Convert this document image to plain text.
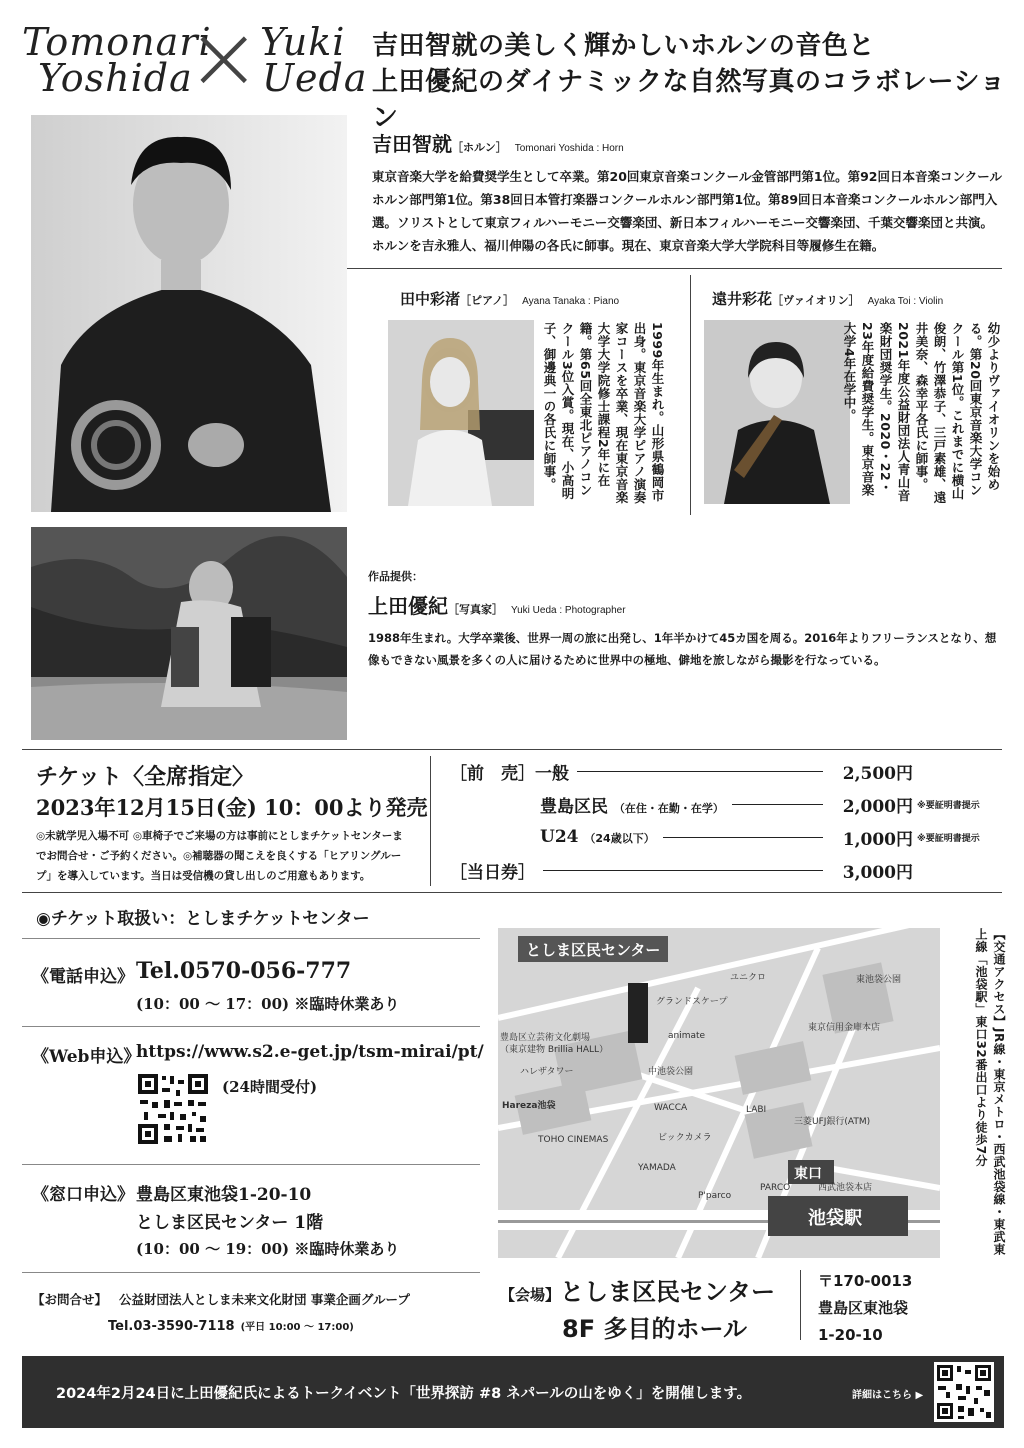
Tomonari
Yoshida
×
Yuki
Ueda
吉田智就の美しく輝かしいホルンの音色と
上田優紀のダイナミックな自然写真のコラボレーション
吉田智就 ［ホルン］ Tomonari Yoshida : Horn
東京音楽大学を給費奨学生として卒業。第20回東京音楽コンクール金管部門第1位。第92回日本音楽コンクールホルン部門第1位。第38回日本管打楽器コンクールホルン部門第1位。第89回日本音楽コンクールホルン部門入選。ソリストとして東京フィルハーモニー交響楽団、新日本フィルハーモニー交響楽団、千葉交響楽団と共演。ホルンを吉永雅人、福川伸陽の各氏に師事。現在、東京音楽大学大学院科目等履修生在籍。
田中彩渚 ［ピアノ］ Ayana Tanaka : Piano
1999年生まれ。山形県鶴岡市出身。東京音楽大学ピアノ演奏家コースを卒業、現在東京音楽大学大学院修士課程2年に在籍。第65回全東北ピアノコンクール3位入賞。現在、小高明子、御邊典一の各氏に師事。
遠井彩花 ［ヴァイオリン］ Ayaka Toi : Violin
幼少よりヴァイオリンを始める。第20回東京音楽大学コンクール第1位。これまでに横山俊朗、竹澤恭子、三戸素雄、遠井美奈、森幸平各氏に師事。2021年度公益財団法人青山音楽財団奨学生。2020・22・23年度給費奨学生。東京音楽大学4年在学中。
作品提供：
上田優紀 ［写真家］ Yuki Ueda : Photographer
1988年生まれ。大学卒業後、世界一周の旅に出発し、1年半かけて45カ国を周る。2016年よりフリーランスとなり、想像もできない風景を多くの人に届けるために世界中の極地、僻地を旅しながら撮影を行なっている。
チケット〈全席指定〉
2023年12月15日(金) 10：00より発売
◎未就学児入場不可 ◎車椅子でご来場の方は事前にとしまチケットセンターまでお問合せ・ご予約ください。◎補聴器の聞こえを良くする「ヒアリングループ」を導入しています。当日は受信機の貸し出しのご用意もあります。
［前　売］一般	2,500円
豊島区民 （在住・在勤・在学）	2,000円 ※要証明書提示
U24 （24歳以下）	1,000円 ※要証明書提示
［当日券］	3,000円
◉チケット取扱い：としまチケットセンター
《電話申込》 Tel.0570-056-777
(10：00 ～ 17：00) ※臨時休業あり
《Web申込》
https://www.s2.e-get.jp/tsm-mirai/pt/
(24時間受付)
《窓口申込》 豊島区東池袋1-20-10
としま区民センター 1階
(10：00 ～ 19：00) ※臨時休業あり
としま区民センター
池袋駅
東口
グランドスケープ
豊島区立芸術文化劇場
（東京建物 Brillia HALL）
ハレザタワー
Hareza池袋
中池袋公園
WACCA
TOHO CINEMAS
YAMADA
ビックカメラ
LABI
PARCO	西武池袋本店
P'parco
animate
ユニクロ
東京信用金庫本店
三菱UFJ銀行(ATM)
東池袋公園	【交通アクセス】JR線・東京メトロ・西武池袋線・東武東上線「池袋駅」東口32番出口より徒歩7分
【会場】 としま区民センター
8F 多目的ホール
〒170-0013
豊島区東池袋
1-20-10
【お問合せ】 公益財団法人としま未来文化財団 事業企画グループ
Tel.03-3590-7118 (平日 10:00 ～ 17:00)
2024年2月24日に上田優紀氏によるトークイベント「世界探訪 #8 ネパールの山をゆく」を開催します。	詳細はこちら ▶
